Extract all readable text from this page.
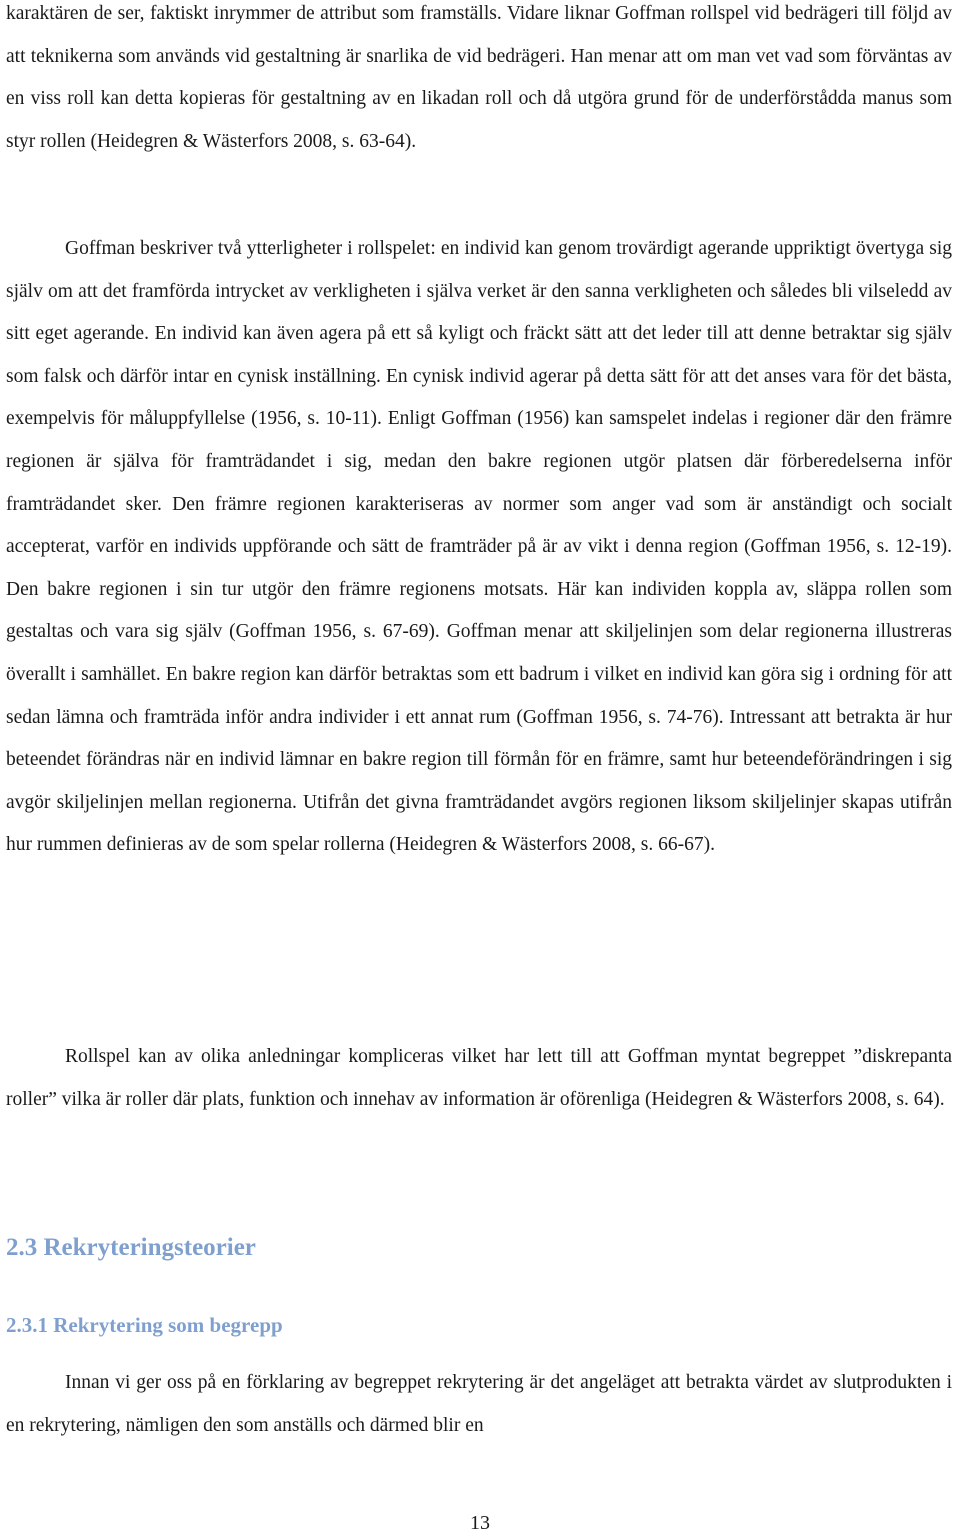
karaktären de ser, faktiskt inrymmer de attribut som framställs. Vidare liknar Goffman rollspel vid bedrägeri till följd av att teknikerna som används vid gestaltning är snarlika de vid bedrägeri. Han menar att om man vet vad som förväntas av en viss roll kan detta kopieras för gestaltning av en likadan roll och då utgöra grund för de underförstådda manus som styr rollen (Heidegren & Wästerfors 2008, s. 63-64).

Goffman beskriver två ytterligheter i rollspelet: en individ kan genom trovärdigt agerande uppriktigt övertyga sig själv om att det framförda intrycket av verkligheten i själva verket är den sanna verkligheten och således bli vilseledd av sitt eget agerande. En individ kan även agera på ett så kyligt och fräckt sätt att det leder till att denne betraktar sig själv som falsk och därför intar en cynisk inställning. En cynisk individ agerar på detta sätt för att det anses vara för det bästa, exempelvis för måluppfyllelse (1956, s. 10-11). Enligt Goffman (1956) kan samspelet indelas i regioner där den främre regionen är själva för framträdandet i sig, medan den bakre regionen utgör platsen där förberedelserna inför framträdandet sker. Den främre regionen karakteriseras av normer som anger vad som är anständigt och socialt accepterat, varför en individs uppförande och sätt de framträder på är av vikt i denna region (Goffman 1956, s. 12-19). Den bakre regionen i sin tur utgör den främre regionens motsats. Här kan individen koppla av, släppa rollen som gestaltas och vara sig själv (Goffman 1956, s. 67-69). Goffman menar att skiljelinjen som delar regionerna illustreras överallt i samhället. En bakre region kan därför betraktas som ett badrum i vilket en individ kan göra sig i ordning för att sedan lämna och framträda inför andra individer i ett annat rum (Goffman 1956, s. 74-76). Intressant att betrakta är hur beteendet förändras när en individ lämnar en bakre region till förmån för en främre, samt hur beteendeförändringen i sig avgör skiljelinjen mellan regionerna. Utifrån det givna framträdandet avgörs regionen liksom skiljelinjer skapas utifrån hur rummen definieras av de som spelar rollerna (Heidegren & Wästerfors 2008, s. 66-67).

Rollspel kan av olika anledningar kompliceras vilket har lett till att Goffman myntat begreppet ”diskrepanta roller” vilka är roller där plats, funktion och innehav av information är oförenliga (Heidegren & Wästerfors 2008, s. 64).

2.3 Rekryteringsteorier
2.3.1 Rekrytering som begrepp

Innan vi ger oss på en förklaring av begreppet rekrytering är det angeläget att betrakta värdet av slutprodukten i en rekrytering, nämligen den som anställs och därmed blir en

13
